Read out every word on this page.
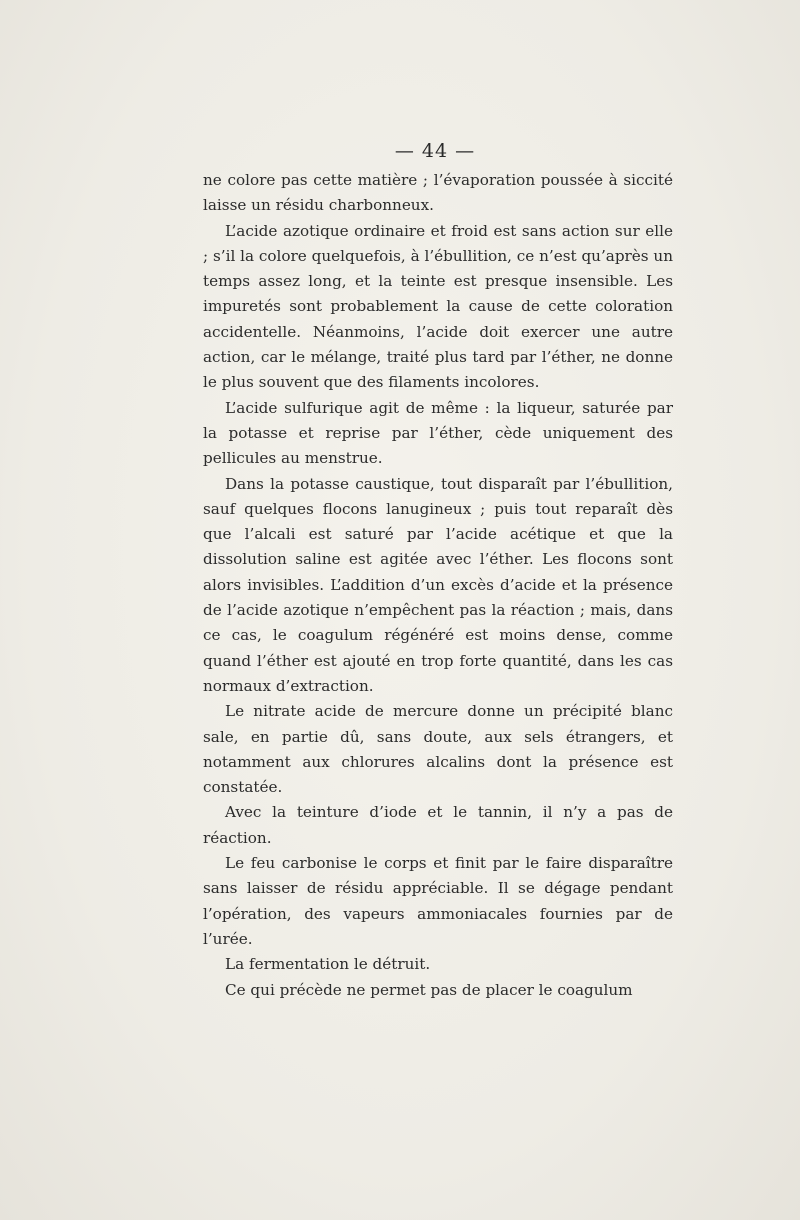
— 44 —

ne colore pas cette matière ; l’évaporation poussée à siccité laisse un résidu charbonneux.

L’acide azotique ordinaire et froid est sans action sur elle ; s’il la colore quelquefois, à l’ébullition, ce n’est qu’après un temps assez long, et la teinte est presque insensible. Les impuretés sont probablement la cause de cette coloration accidentelle. Néanmoins, l’acide doit exercer une autre action, car le mélange, traité plus tard par l’éther, ne donne le plus souvent que des filaments incolores.

L’acide sulfurique agit de même : la liqueur, saturée par la potasse et reprise par l’éther, cède uniquement des pellicules au menstrue.

Dans la potasse caustique, tout disparaît par l’ébullition, sauf quelques flocons lanugineux ; puis tout reparaît dès que l’alcali est saturé par l’acide acétique et que la dissolution saline est agitée avec l’éther. Les flocons sont alors invisibles. L’addition d’un excès d’acide et la présence de l’acide azotique n’empêchent pas la réaction ; mais, dans ce cas, le coagulum régénéré est moins dense, comme quand l’éther est ajouté en trop forte quantité, dans les cas normaux d’extraction.

Le nitrate acide de mercure donne un précipité blanc sale, en partie dû, sans doute, aux sels étrangers, et notamment aux chlorures alcalins dont la présence est constatée.

Avec la teinture d’iode et le tannin, il n’y a pas de réaction.

Le feu carbonise le corps et finit par le faire disparaître sans laisser de résidu appréciable. Il se dégage pendant l’opération, des vapeurs ammoniacales fournies par de l’urée.

La fermentation le détruit.

Ce qui précède ne permet pas de placer le coagulum
